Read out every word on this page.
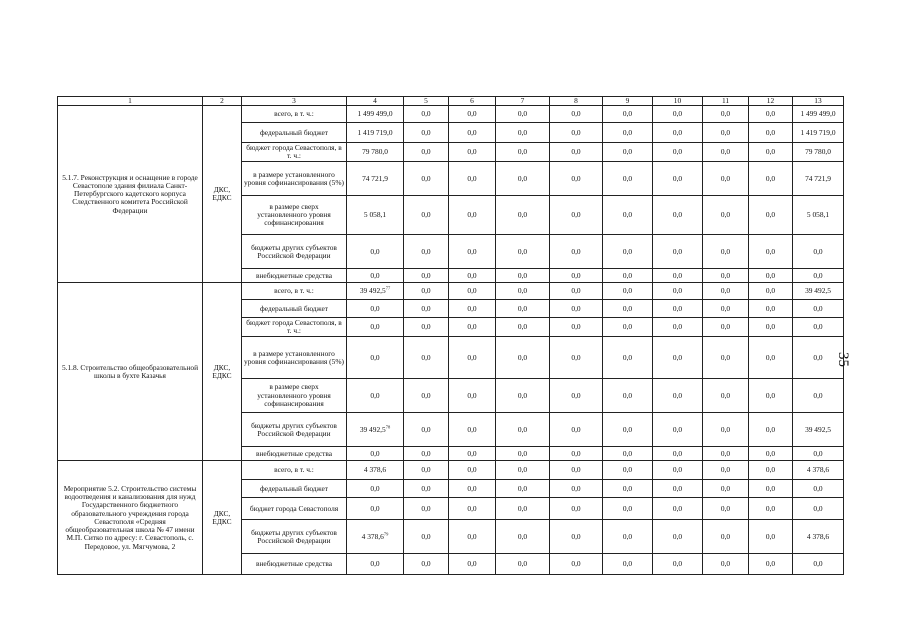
1	2	3	4	5	6	7	8	9	10	11	12	13
5.1.7. Реконструкция и оснащение в городе Севастополе здания филиала Санкт-Петербургского кадетского корпуса Следственного комитета Российской Федерации	ДКС, ЕДКС	всего, в т. ч.:	1 499 499,0	0,0	0,0	0,0	0,0	0,0	0,0	0,0	0,0	1 499 499,0
		федеральный бюджет	1 419 719,0	0,0	0,0	0,0	0,0	0,0	0,0	0,0	0,0	1 419 719,0
		бюджет города Севастополя, в т. ч.:	79 780,0	0,0	0,0	0,0	0,0	0,0	0,0	0,0	0,0	79 780,0
		в размере установленного уровня софинансирования (5%)	74 721,9	0,0	0,0	0,0	0,0	0,0	0,0	0,0	0,0	74 721,9
		в размере сверх установленного уровня софинансирования	5 058,1	0,0	0,0	0,0	0,0	0,0	0,0	0,0	0,0	5 058,1
		бюджеты других субъектов Российской Федерации	0,0	0,0	0,0	0,0	0,0	0,0	0,0	0,0	0,0	0,0
		внебюджетные средства	0,0	0,0	0,0	0,0	0,0	0,0	0,0	0,0	0,0	0,0
5.1.8. Строительство общеобразовательной школы в бухте Казачья	ДКС, ЕДКС	всего, в т. ч.:	39 492,5$^{77}$	0,0	0,0	0,0	0,0	0,0	0,0	0,0	0,0	39 492,5
		федеральный бюджет	0,0	0,0	0,0	0,0	0,0	0,0	0,0	0,0	0,0	0,0
		бюджет города Севастополя, в т. ч.:	0,0	0,0	0,0	0,0	0,0	0,0	0,0	0,0	0,0	0,0
		в размере установленного уровня софинансирования (5%)	0,0	0,0	0,0	0,0	0,0	0,0	0,0	0,0	0,0	0,0
		в размере сверх установленного уровня софинансирования	0,0	0,0	0,0	0,0	0,0	0,0	0,0	0,0	0,0	0,0
		бюджеты других субъектов Российской Федерации	39 492,5$^{78}$	0,0	0,0	0,0	0,0	0,0	0,0	0,0	0,0	39 492,5
		внебюджетные средства	0,0	0,0	0,0	0,0	0,0	0,0	0,0	0,0	0,0	0,0
Мероприятие 5.2. Строительство системы водоотведения и канализования для нужд Государственного бюджетного образовательного учреждения города Севастополя «Средняя общеобразовательная школа № 47 имени М.П. Ситко по адресу: г. Севастополь, с. Передовое, ул. Мягчумова, 2	ДКС, ЕДКС	всего, в т. ч.:	4 378,6	0,0	0,0	0,0	0,0	0,0	0,0	0,0	0,0	4 378,6
		федеральный бюджет	0,0	0,0	0,0	0,0	0,0	0,0	0,0	0,0	0,0	0,0
		бюджет города Севастополя	0,0	0,0	0,0	0,0	0,0	0,0	0,0	0,0	0,0	0,0
		бюджеты других субъектов Российской Федерации	4 378,6$^{79}$	0,0	0,0	0,0	0,0	0,0	0,0	0,0	0,0	4 378,6
		внебюджетные средства	0,0	0,0	0,0	0,0	0,0	0,0	0,0	0,0	0,0	0,0
35
